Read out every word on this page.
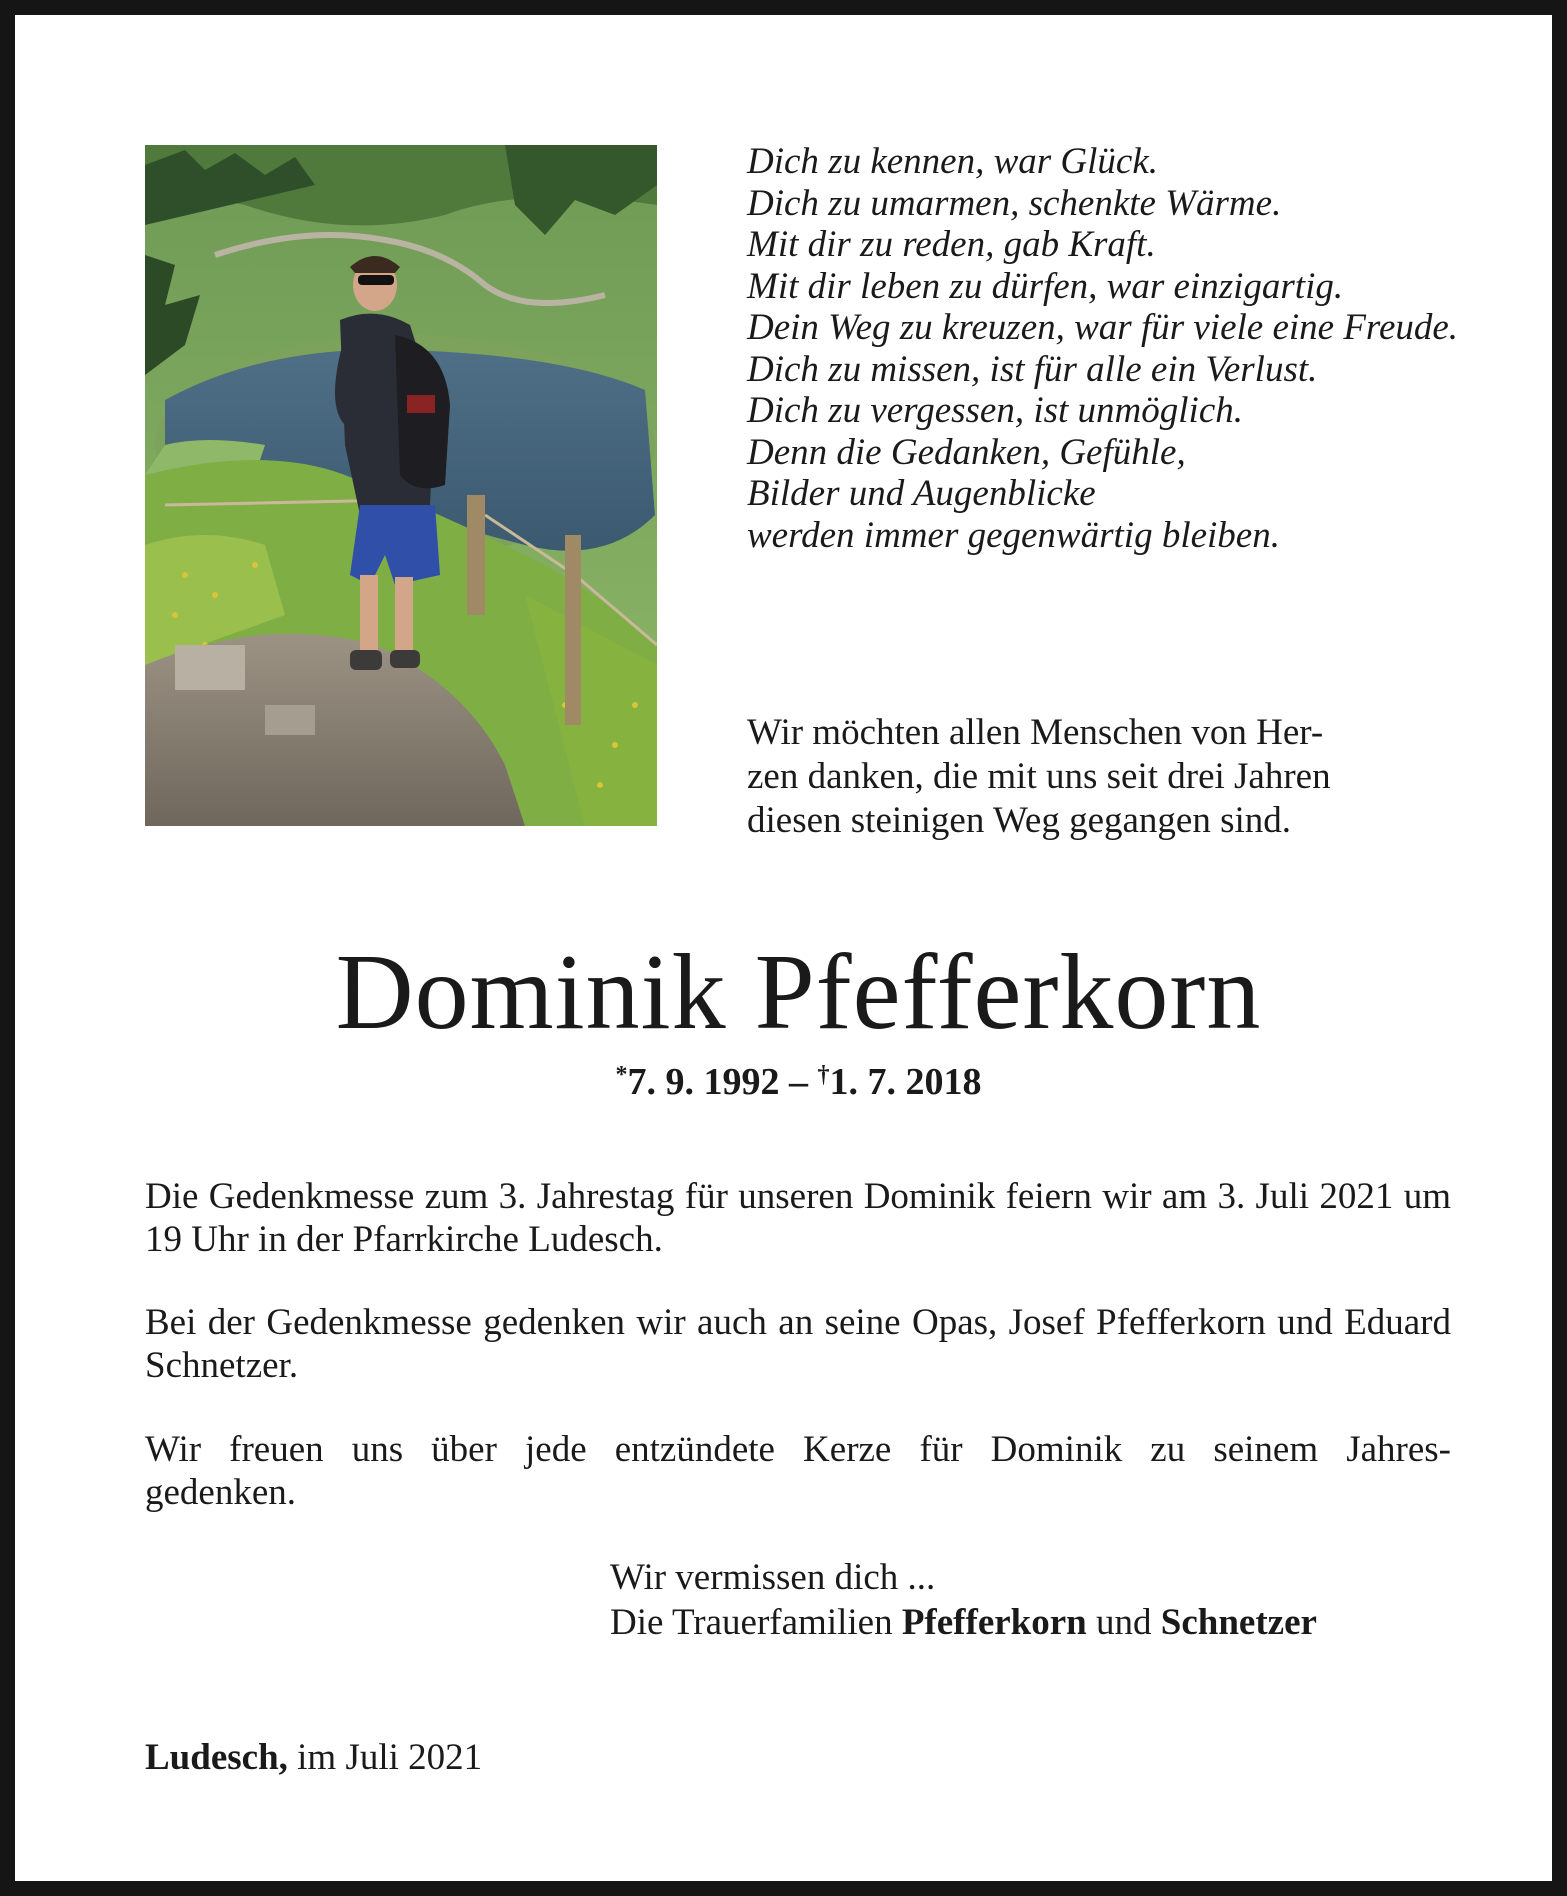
Dich zu kennen, war Glück.
Dich zu umarmen, schenkte Wärme.
Mit dir zu reden, gab Kraft.
Mit dir leben zu dürfen, war einzigartig.
Dein Weg zu kreuzen, war für viele eine Freude.
Dich zu missen, ist für alle ein Verlust.
Dich zu vergessen, ist unmöglich.
Denn die Gedanken, Gefühle,
Bilder und Augenblicke
werden immer gegenwärtig bleiben.
Wir möchten allen Menschen von Her-
zen danken, die mit uns seit drei Jahren
diesen steinigen Weg gegangen sind.
Dominik Pfefferkorn
*7. 9. 1992 – †1. 7. 2018

Die Gedenkmesse zum 3. Jahrestag für unseren Dominik feiern wir am 3. Juli 2021 um 19 Uhr in der Pfarrkirche Ludesch.

Bei der Gedenkmesse gedenken wir auch an seine Opas, Josef Pfefferkorn und Eduard Schnetzer.

Wir freuen uns über jede entzündete Kerze für Dominik zu seinem Jahres-
gedenken.
Wir vermissen dich ...
Die Trauerfamilien Pfefferkorn und Schnetzer
Ludesch, im Juli 2021
